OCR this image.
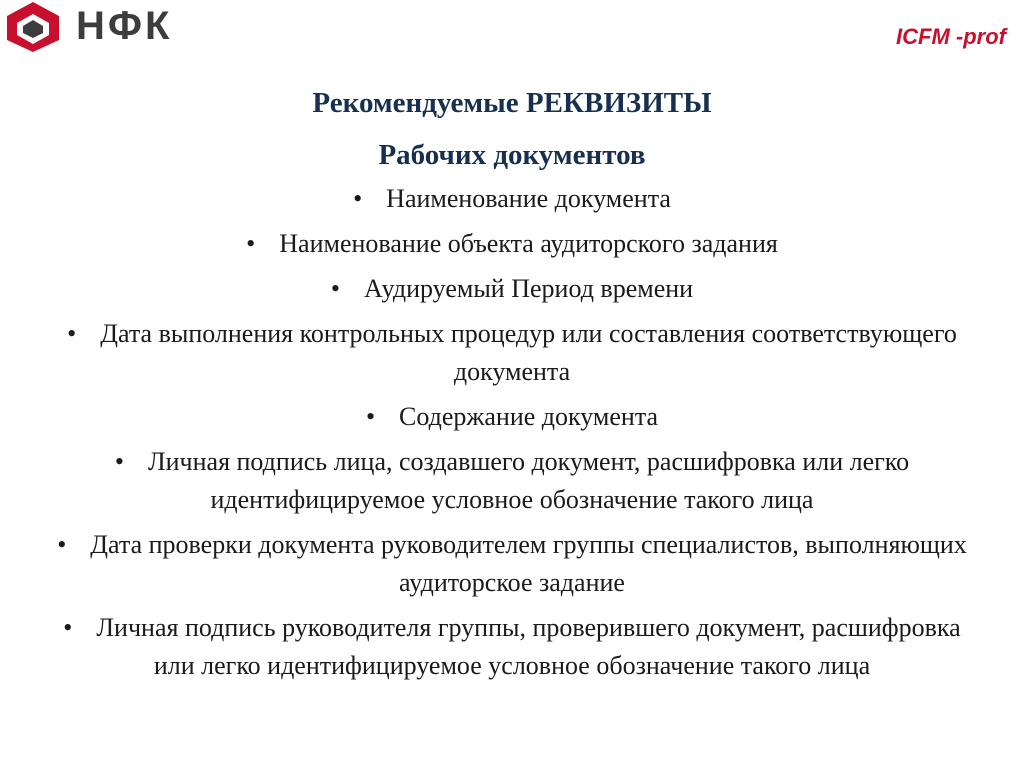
НФК	ICFM -prof
Рекомендуемые РЕКВИЗИТЫ
Рабочих документов
• Наименование документа
• Наименование объекта аудиторского задания
• Аудируемый Период времени
• Дата выполнения контрольных процедур или составления соответствующего документа
• Содержание документа
• Личная подпись лица, создавшего документ, расшифровка или легко идентифицируемое условное обозначение такого лица
• Дата проверки документа руководителем группы специалистов, выполняющих аудиторское задание
• Личная подпись руководителя группы, проверившего документ, расшифровка или легко идентифицируемое условное обозначение такого лица
